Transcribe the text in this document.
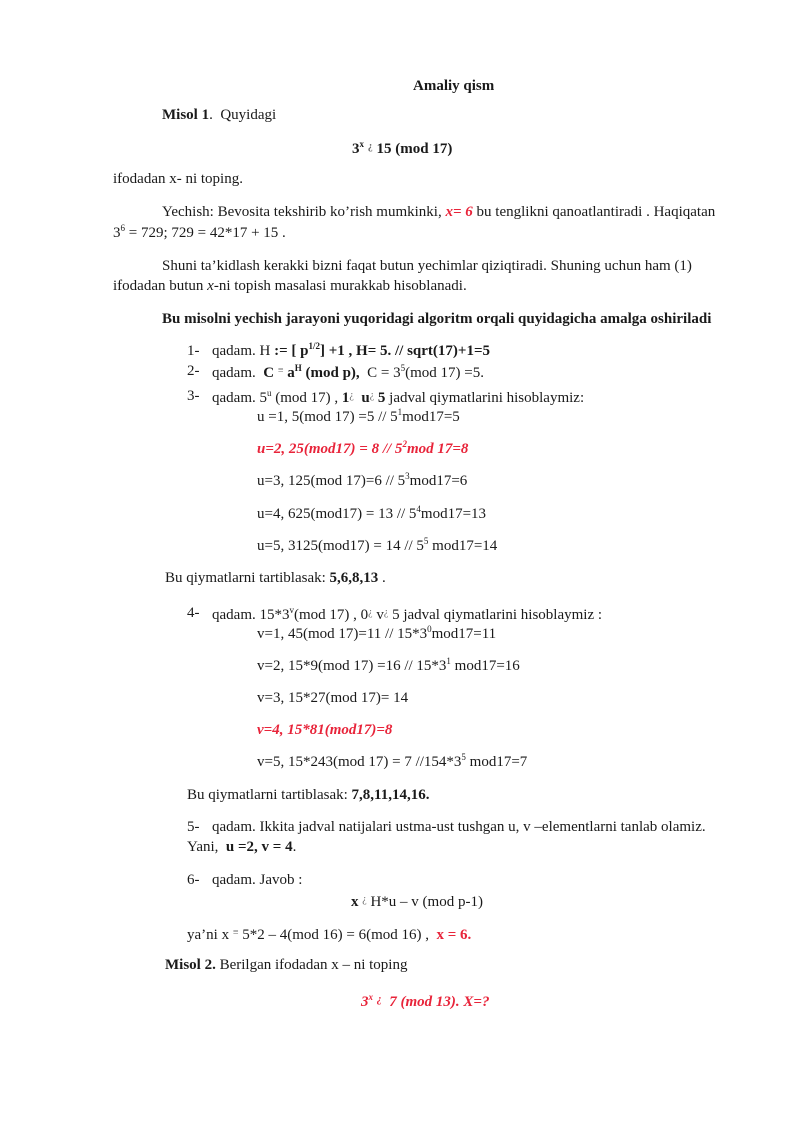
Amaliy qism
Misol 1. Quyidagi
3$^x$ ¿ 15 (mod 17)
ifodadan x- ni toping.
Yechish: Bevosita tekshirib ko’rish mumkinki, x= 6 bu tenglikni qanoatlantiradi . Haqiqatan
$3^6 = 729$; 729 = 42*17 + 15 .
Shuni ta’kidlash kerakki bizni faqat butun yechimlar qiziqtiradi. Shuning uchun ham (1)
ifodadan butun x-ni topish masalasi murakkab hisoblanadi.
Bu misolni yechish jarayoni yuqoridagi algoritm orqali quyidagicha amalga oshiriladi
1- qadam. H := [ $p^{1/2}] +1$ , H= 5. // sqrt(17)+1=5
2- qadam. C ≡ $a^H$ (mod p), $C = 3^5(mod$ 17) =5.
3- qadam. 5$^u$ (mod 17) , 1¿ u¿ 5 jadval qiymatlarini hisoblaymiz:
u =1, 5(mod $17) =5 // 5^1mod17=5$
u=2, $25(mod17) = 8 // 5^2mod$ 17=8
u=3, 125(mod $17)=6 // 5^3mod17=6$
u=4, $625(mod17) = 13 // 5^4mod17=13$
u=5, $3125(mod17) = 14 // 5^5$ mod17=14
Bu qiymatlarni tartiblasak: 5,6,8,13 .
4- qadam. 15*3$^v$(mod 17) , 0¿ v¿ 5 jadval qiymatlarini hisoblaymiz :
v=1, 45(mod $17)=11 // 15*3^0mod17=11$
v=2, 15*9(mod $17) =16 // 15*3^1$ mod17=16
v=3, 15*27(mod 17)= 14
v=4, 15*81(mod17)=8
v=5, 15*243(mod 17) = 7 $//154*3^5$ mod17=7
Bu qiymatlarni tartiblasak: 7,8,11,14,16.
5- qadam. Ikkita jadval natijalari ustma-ust tushgan u, v –elementlarni tanlab olamiz.
Yani, u =2, v = 4.
6- qadam. Javob :
x ¿ H*u – v (mod p-1)
ya’ni x ≡ 5*2 – 4(mod 16) = 6(mod 16) , x = 6.
Misol 2. Berilgan ifodadan x – ni toping
3$^x$ ¿ 7 (mod 13). X=?
